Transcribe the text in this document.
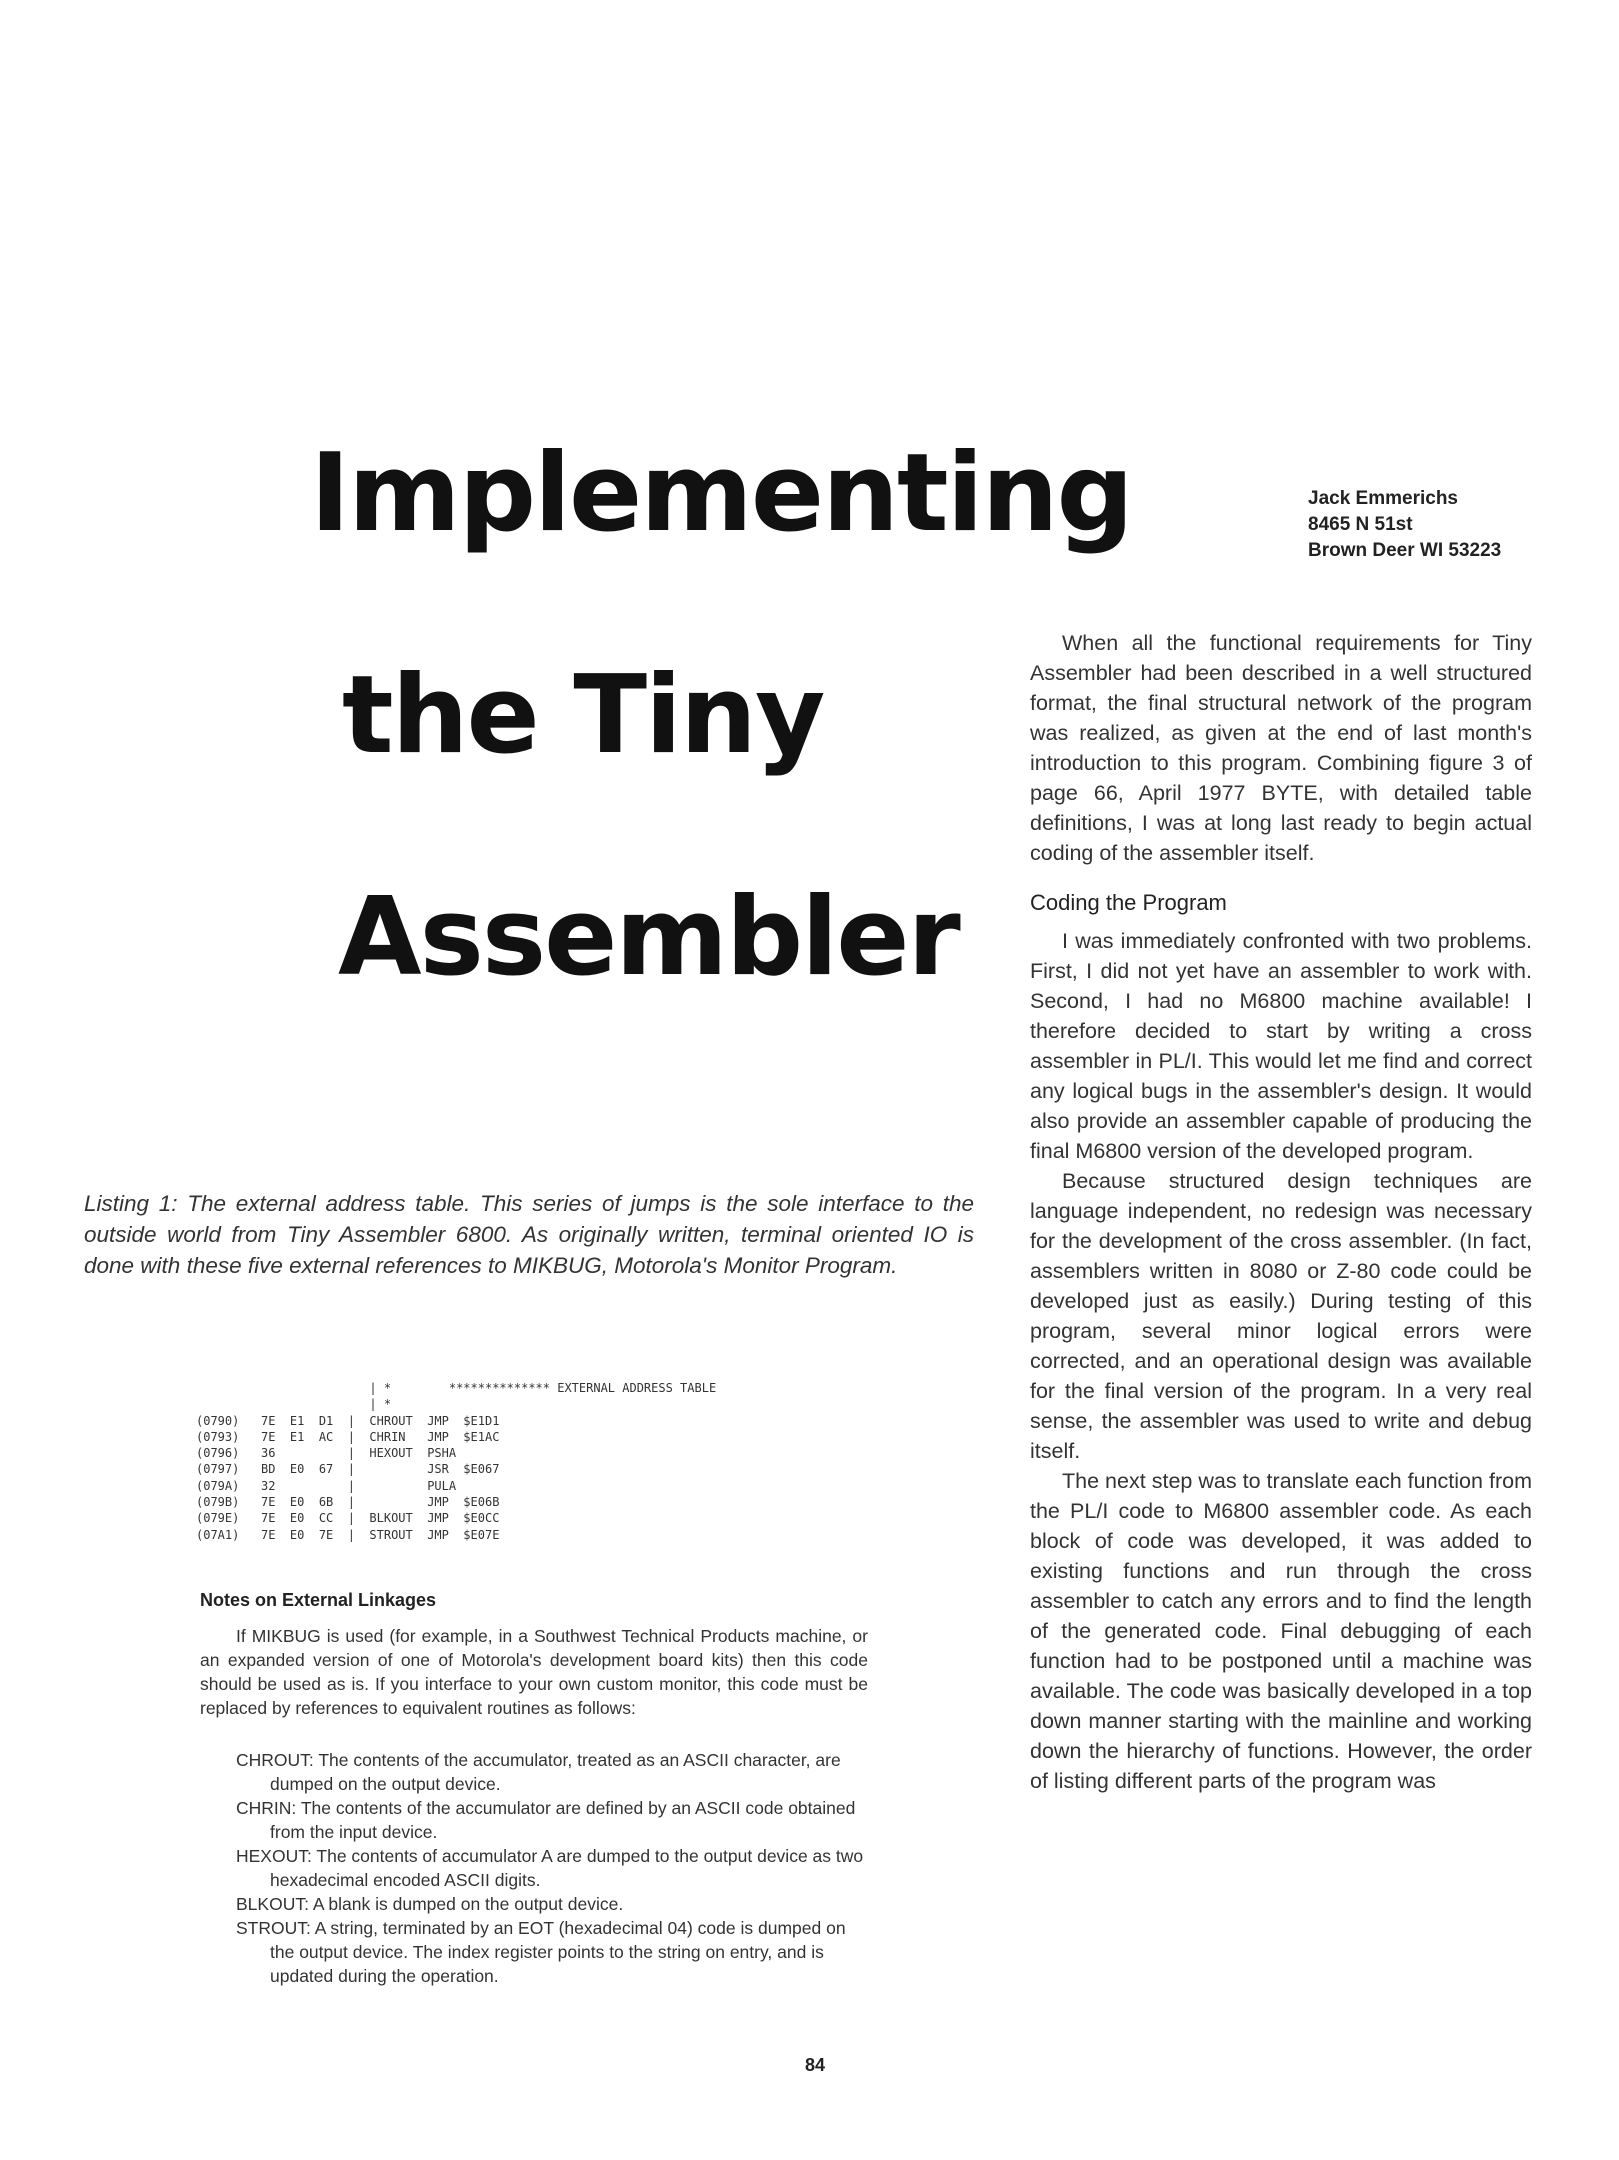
Implementing
the Tiny
Assembler
Jack Emmerichs
8465 N 51st
Brown Deer WI 53223

Listing 1: The external address table. This series of jumps is the sole interface to the outside world from Tiny Assembler 6800. As originally written, terminal oriented IO is done with these five external references to MIKBUG, Motorola's Monitor Program.

| *        ************** EXTERNAL ADDRESS TABLE
| *
(0790)   7E  E1  D1  |  CHROUT  JMP  $E1D1
(0793)   7E  E1  AC  |  CHRIN   JMP  $E1AC
(0796)   36          |  HEXOUT  PSHA
(0797)   BD  E0  67  |          JSR  $E067
(079A)   32          |          PULA
(079B)   7E  E0  6B  |          JMP  $E06B
(079E)   7E  E0  CC  |  BLKOUT  JMP  $E0CC
(07A1)   7E  E0  7E  |  STROUT  JMP  $E07E
Notes on External Linkages

If MIKBUG is used (for example, in a Southwest Technical Products machine, or an expanded version of one of Motorola's development board kits) then this code should be used as is. If you interface to your own custom monitor, this code must be replaced by references to equivalent routines as follows:

CHROUT: The contents of the accumulator, treated as an ASCII character, are dumped on the output device.
CHRIN: The contents of the accumulator are defined by an ASCII code obtained from the input device.
HEXOUT: The contents of accumulator A are dumped to the output device as two hexadecimal encoded ASCII digits.
BLKOUT: A blank is dumped on the output device.
STROUT: A string, terminated by an EOT (hexadecimal 04) code is dumped on the output device. The index register points to the string on entry, and is updated during the operation.

When all the functional requirements for Tiny Assembler had been described in a well structured format, the final structural network of the program was realized, as given at the end of last month's introduction to this program. Combining figure 3 of page 66, April 1977 BYTE, with detailed table definitions, I was at long last ready to begin actual coding of the assembler itself.

Coding the Program

I was immediately confronted with two problems. First, I did not yet have an assembler to work with. Second, I had no M6800 machine available! I therefore decided to start by writing a cross assembler in PL/I. This would let me find and correct any logical bugs in the assembler's design. It would also provide an assembler capable of producing the final M6800 version of the developed program.

Because structured design techniques are language independent, no redesign was necessary for the development of the cross assembler. (In fact, assemblers written in 8080 or Z-80 code could be developed just as easily.) During testing of this program, several minor logical errors were corrected, and an operational design was available for the final version of the program. In a very real sense, the assembler was used to write and debug itself.

The next step was to translate each function from the PL/I code to M6800 assembler code. As each block of code was developed, it was added to existing functions and run through the cross assembler to catch any errors and to find the length of the generated code. Final debugging of each function had to be postponed until a machine was available. The code was basically developed in a top down manner starting with the mainline and working down the hierarchy of functions. However, the order of listing different parts of the program was

84
